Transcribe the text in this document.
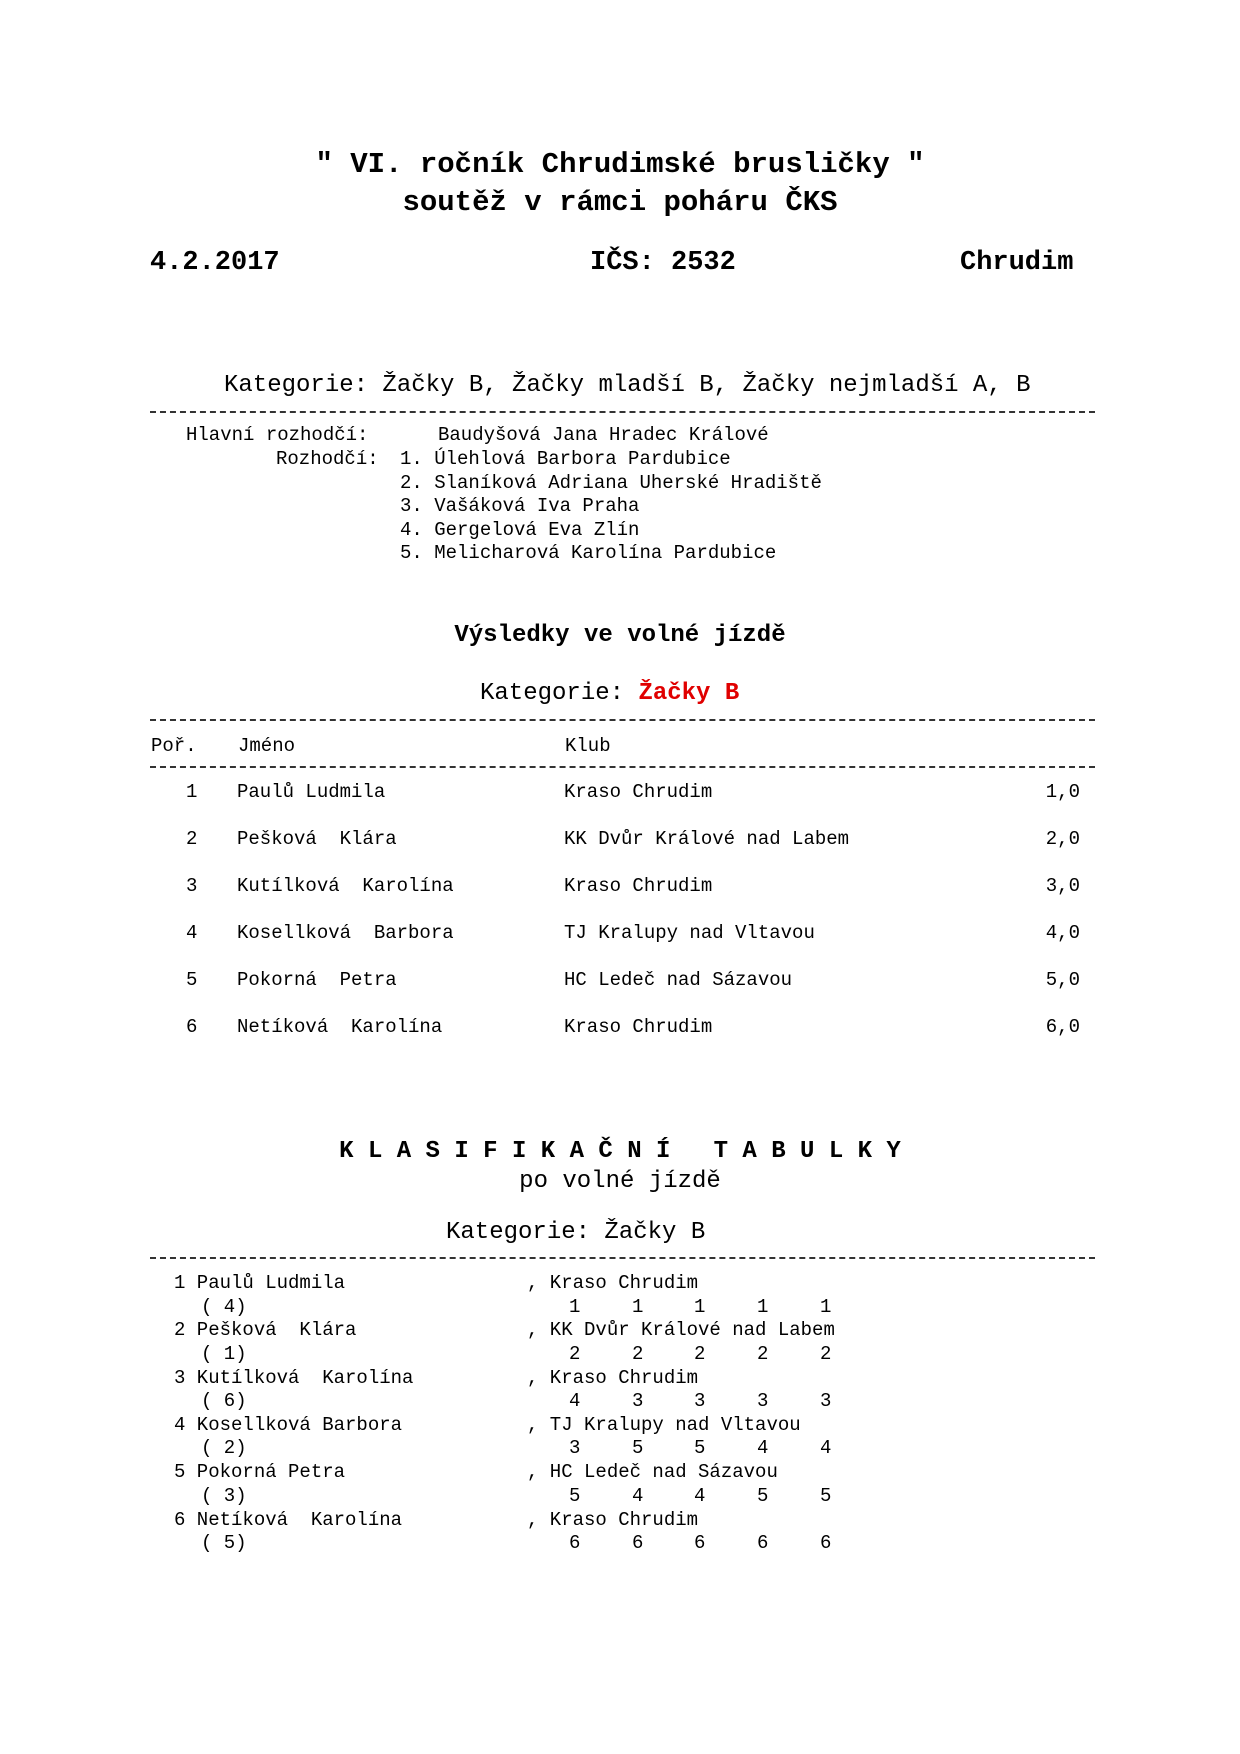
" VI. ročník Chrudimské brusličky "
soutěž v rámci poháru ČKS
4.2.2017	IČS: 2532	Chrudim
Kategorie: Žačky B, Žačky mladší B, Žačky nejmladší A, B
Hlavní rozhodčí:	Baudyšová Jana Hradec Králové
Rozhodčí: 1. Úlehlová Barbora Pardubice
2. Slaníková Adriana Uherské Hradiště
3. Vašáková Iva Praha
4. Gergelová Eva Zlín
5. Melicharová Karolína Pardubice
Výsledky ve volné jízdě
Kategorie: Žačky B
Poř. Jméno	Klub
1 Paulů Ludmila	Kraso Chrudim	1,0
2 Pešková  Klára	KK Dvůr Králové nad Labem	2,0
3 Kutílková  Karolína	Kraso Chrudim	3,0
4 Kosellková  Barbora	TJ Kralupy nad Vltavou	4,0
5 Pokorná  Petra	HC Ledeč nad Sázavou	5,0
6 Netíková  Karolína	Kraso Chrudim	6,0
K L A S I F I K A Č N Í   T A B U L K Y
po volné jízdě
Kategorie: Žačky B
1 Paulů Ludmila	, Kraso Chrudim
( 4)	1	1	1	1	1
2 Pešková  Klára	, KK Dvůr Králové nad Labem
( 1)	2	2	2	2	2
3 Kutílková  Karolína	, Kraso Chrudim
( 6)	4	3	3	3	3
4 Kosellková Barbora	, TJ Kralupy nad Vltavou
( 2)	3	5	5	4	4
5 Pokorná Petra	, HC Ledeč nad Sázavou
( 3)	5	4	4	5	5
6 Netíková  Karolína	, Kraso Chrudim
( 5)	6	6	6	6	6
